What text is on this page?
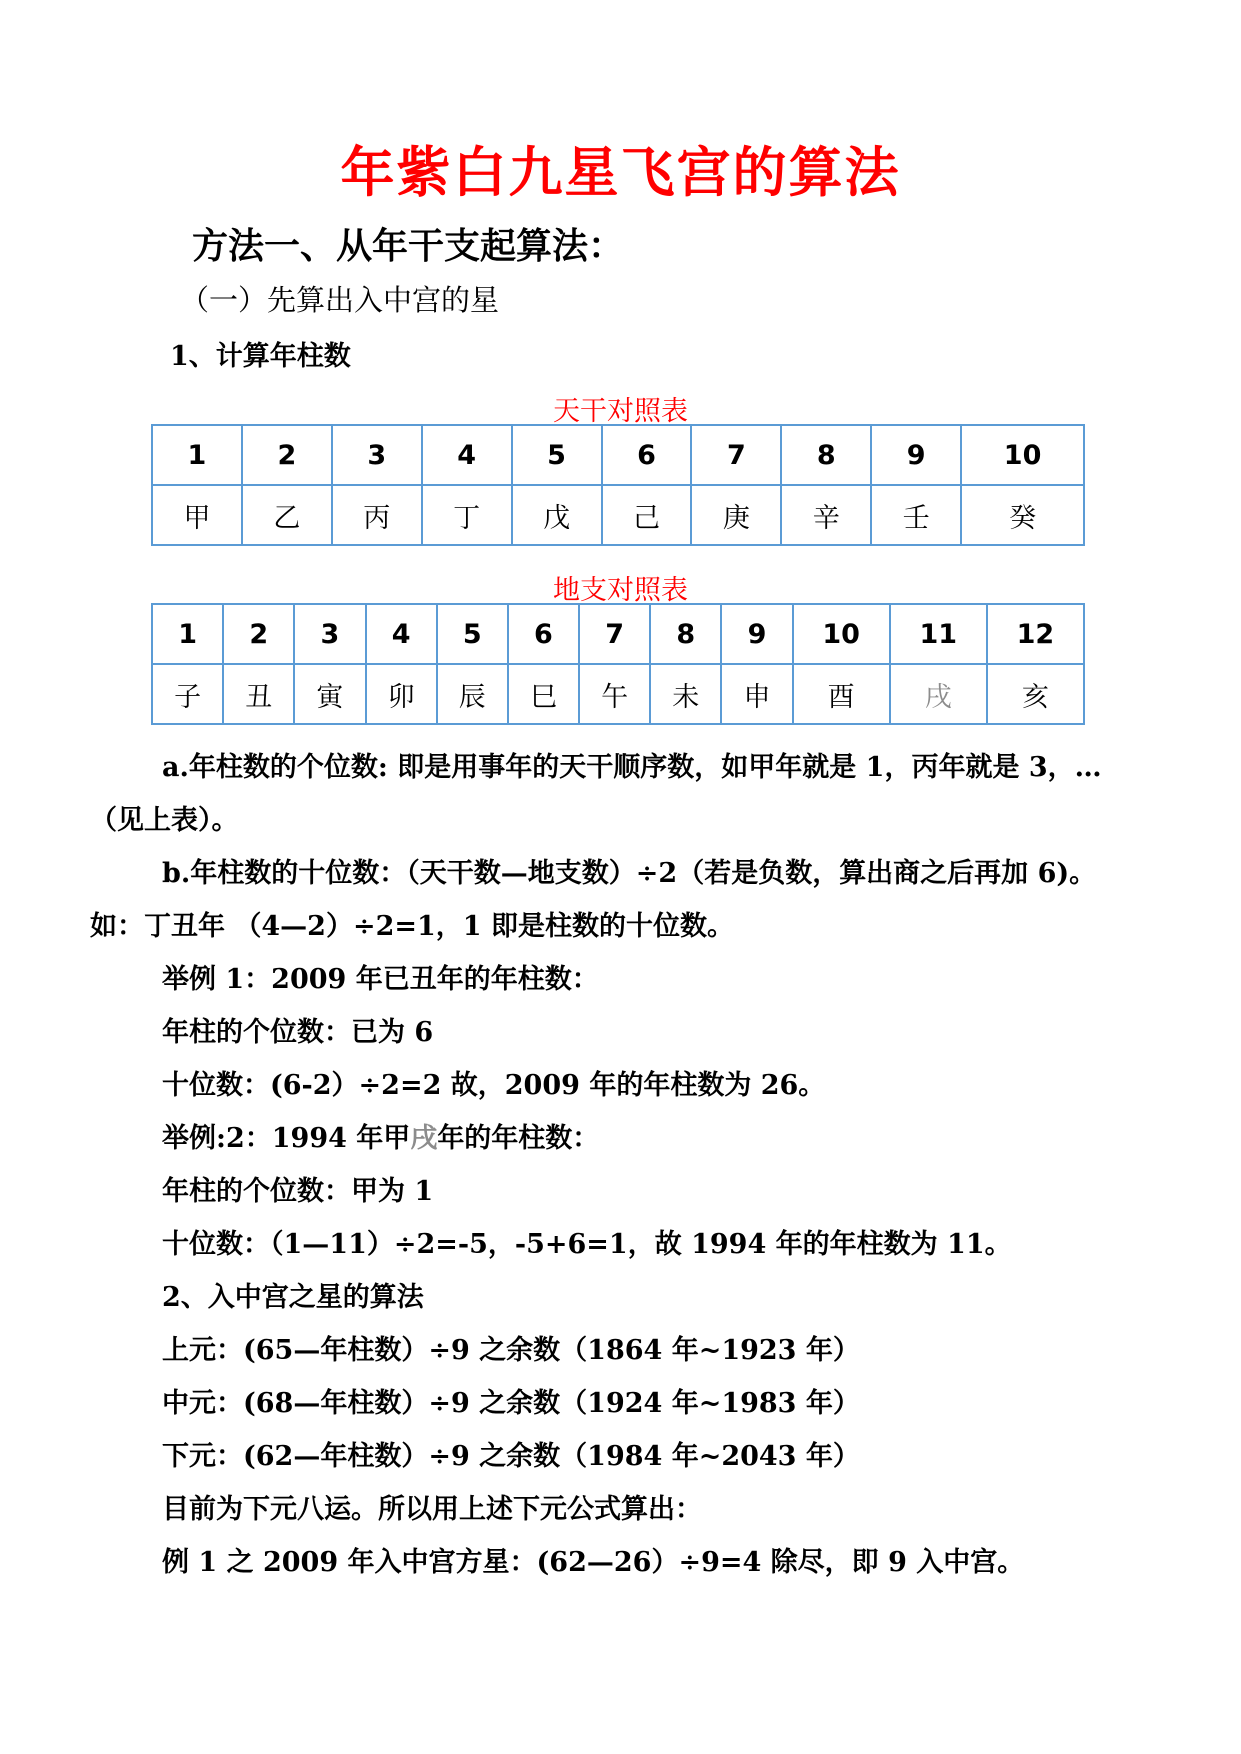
年紫白九星飞宫的算法
方法一、从年干支起算法：
（一）先算出入中宫的星
1、计算年柱数
天干对照表
1	2	3	4	5	6	7	8	9	10
甲	乙	丙	丁	戊	己	庚	辛	壬	癸
地支对照表
1	2	3	4	5	6	7	8	9	10	11	12
子	丑	寅	卯	辰	巳	午	未	申	酉	戌	亥
a.年柱数的个位数: 即是用事年的天干顺序数，如甲年就是 1，丙年就是 3，…
（见上表）。
b.年柱数的十位数：（天干数—地支数）÷2（若是负数，算出商之后再加 6)。
如：丁丑年 （4—2）÷2=1，1 即是柱数的十位数。
举例 1：2009 年已丑年的年柱数：
年柱的个位数：已为 6
十位数：(6-2）÷2=2 故，2009 年的年柱数为 26。
举例:2：1994 年甲戌年的年柱数：
年柱的个位数：甲为 1
十位数：（1—11）÷2=-5，-5+6=1，故 1994 年的年柱数为 11。
2、入中宫之星的算法
上元：(65—年柱数）÷9 之余数（1864 年~1923 年）
中元：(68—年柱数）÷9 之余数（1924 年~1983 年）
下元：(62—年柱数）÷9 之余数（1984 年~2043 年）
目前为下元八运。所以用上述下元公式算出：
例 1 之 2009 年入中宫方星：(62—26）÷9=4 除尽，即 9 入中宫。
